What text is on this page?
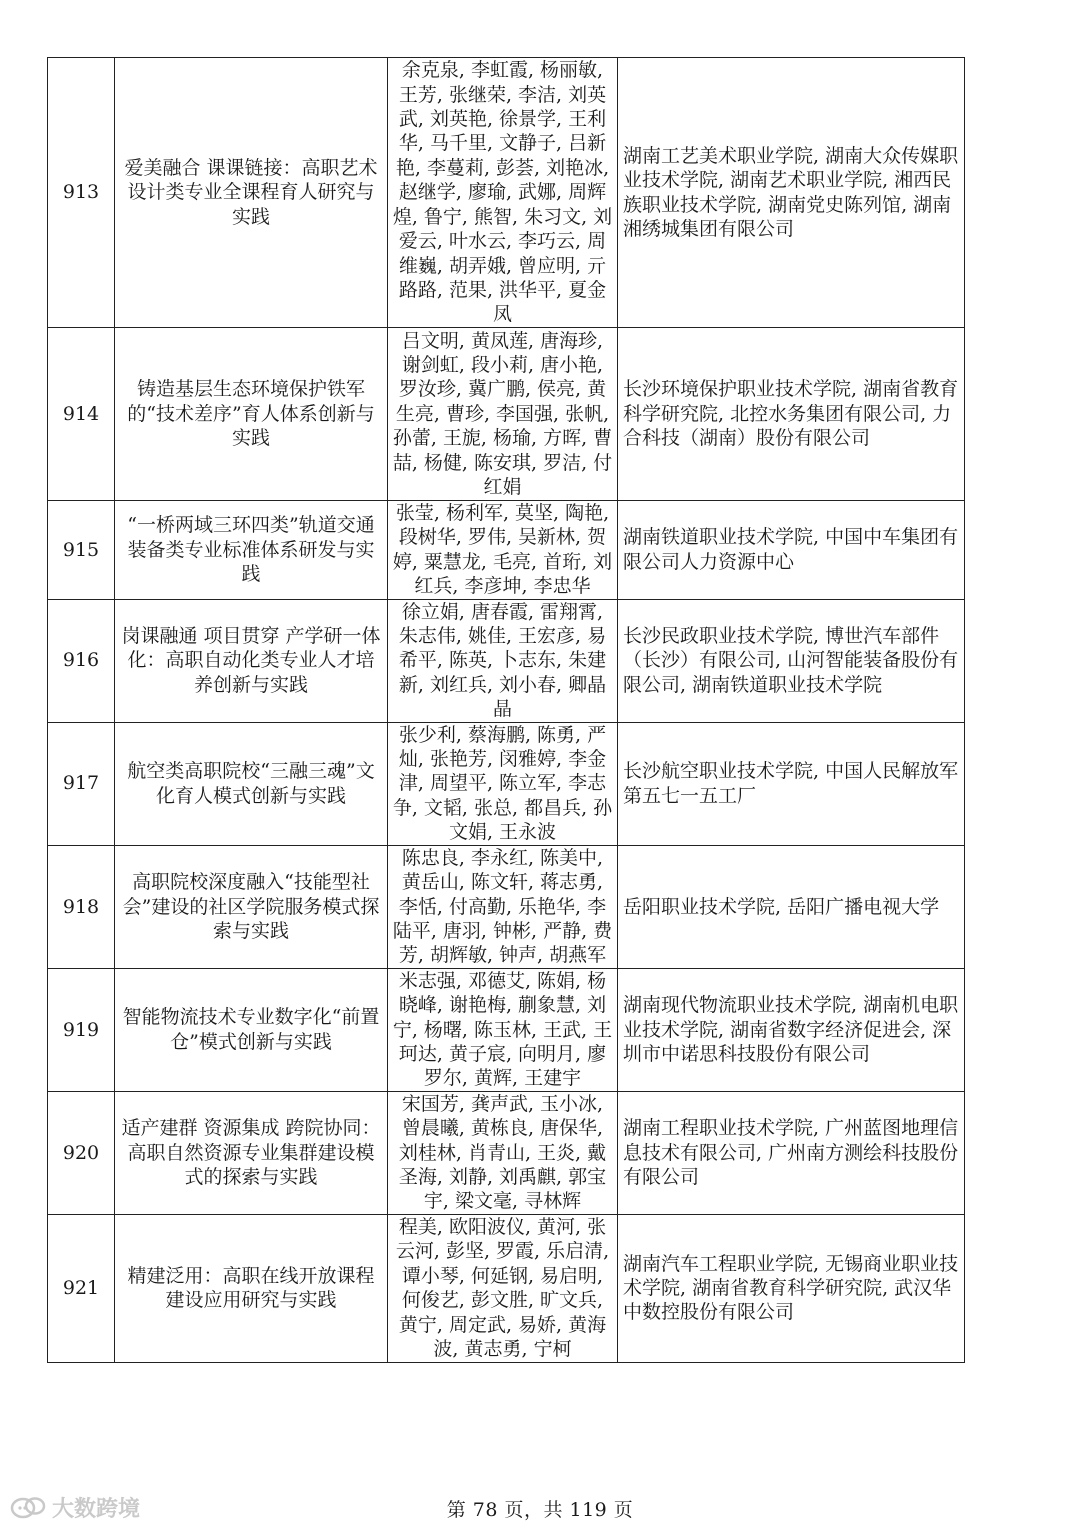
913	爱美融合 课课链接：高职艺术设计类专业全课程育人研究与实践	余克泉, 李虹霞, 杨丽敏, 王芳, 张继荣, 李洁, 刘英武, 刘英艳, 徐景学, 王利华, 马千里, 文静子, 吕新艳, 李蔓莉, 彭荟, 刘艳冰, 赵继学, 廖瑜, 武娜, 周辉煌, 鲁宁, 熊智, 朱习文, 刘爱云, 叶水云, 李巧云, 周维巍, 胡弄娥, 曾应明, 亓路路, 范果, 洪华平, 夏金凤	湖南工艺美术职业学院, 湖南大众传媒职业技术学院, 湖南艺术职业学院, 湘西民族职业技术学院, 湖南党史陈列馆, 湖南湘绣城集团有限公司
914	铸造基层生态环境保护铁军的“技术差序”育人体系创新与实践	吕文明, 黄凤莲, 唐海珍, 谢剑虹, 段小莉, 唐小艳, 罗汝珍, 冀广鹏, 侯亮, 黄生亮, 曹珍, 李国强, 张帆, 孙蕾, 王旎, 杨瑜, 方晖, 曹喆, 杨健, 陈安琪, 罗洁, 付红娟	长沙环境保护职业技术学院, 湖南省教育科学研究院, 北控水务集团有限公司, 力合科技（湖南）股份有限公司
915	“一桥两域三环四类”轨道交通装备类专业标准体系研发与实践	张莹, 杨利军, 莫坚, 陶艳, 段树华, 罗伟, 吴新林, 贺婷, 粟慧龙, 毛亮, 首珩, 刘红兵, 李彦坤, 李忠华	湖南铁道职业技术学院, 中国中车集团有限公司人力资源中心
916	岗课融通 项目贯穿 产学研一体化：高职自动化类专业人才培养创新与实践	徐立娟, 唐春霞, 雷翔霄, 朱志伟, 姚佳, 王宏彦, 易希平, 陈英, 卜志东, 朱建新, 刘红兵, 刘小春, 卿晶晶	长沙民政职业技术学院, 博世汽车部件（长沙）有限公司, 山河智能装备股份有限公司, 湖南铁道职业技术学院
917	航空类高职院校“三融三魂”文化育人模式创新与实践	张少利, 蔡海鹏, 陈勇, 严灿, 张艳芳, 闵雅婷, 李金津, 周望平, 陈立军, 李志争, 文韬, 张总, 都昌兵, 孙文娟, 王永波	长沙航空职业技术学院, 中国人民解放军第五七一五工厂
918	高职院校深度融入“技能型社会”建设的社区学院服务模式探索与实践	陈忠良, 李永红, 陈美中, 黄岳山, 陈文轩, 蒋志勇, 李恬, 付高勤, 乐艳华, 李陆平, 唐羽, 钟彬, 严静, 费芳, 胡辉敏, 钟声, 胡燕军	岳阳职业技术学院, 岳阳广播电视大学
919	智能物流技术专业数字化“前置仓”模式创新与实践	米志强, 邓德艾, 陈娟, 杨晓峰, 谢艳梅, 蒯象慧, 刘宁, 杨曙, 陈玉林, 王武, 王珂达, 黄子宸, 向明月, 廖罗尔, 黄辉, 王建宇	湖南现代物流职业技术学院, 湖南机电职业技术学院, 湖南省数字经济促进会, 深圳市中诺思科技股份有限公司
920	适产建群 资源集成 跨院协同：高职自然资源专业集群建设模式的探索与实践	宋国芳, 龚声武, 玉小冰, 曾晨曦, 黄栋良, 唐保华, 刘桂林, 肖青山, 王炎, 戴圣海, 刘静, 刘禹麒, 郭宝宇, 梁文毫, 寻林辉	湖南工程职业技术学院, 广州蓝图地理信息技术有限公司, 广州南方测绘科技股份有限公司
921	精建泛用：高职在线开放课程建设应用研究与实践	程美, 欧阳波仪, 黄河, 张云河, 彭坚, 罗霞, 乐启清, 谭小琴, 何延钢, 易启明, 何俊艺, 彭文胜, 旷文兵, 黄宁, 周定武, 易娇, 黄海波, 黄志勇, 宁柯	湖南汽车工程职业学院, 无锡商业职业技术学院, 湖南省教育科学研究院, 武汉华中数控股份有限公司
第 78 页，共 119 页
大数跨境
